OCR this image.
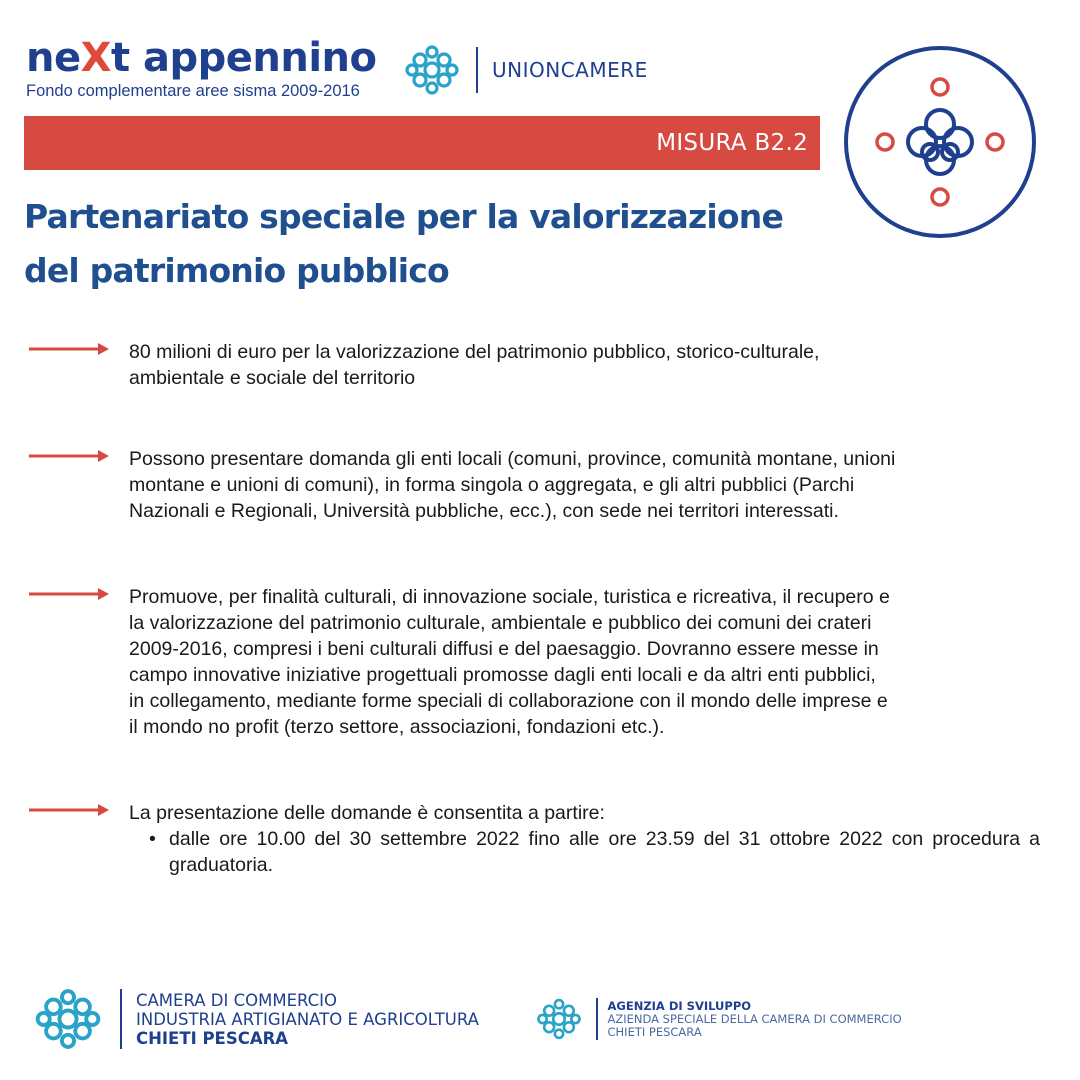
neXt appennino
Fondo complementare aree sisma 2009-2016
UNIONCAMERE
MISURA B2.2
Partenariato speciale per la valorizzazione
del patrimonio pubblico

80 milioni di euro per la valorizzazione del patrimonio pubblico, storico-culturale,

ambientale e sociale del territorio

Possono presentare domanda gli enti locali (comuni, province, comunità montane, unioni

montane e unioni di comuni), in forma singola o aggregata, e gli altri pubblici (Parchi

Nazionali e Regionali, Università pubbliche, ecc.), con sede nei territori interessati.

Promuove, per finalità culturali, di innovazione sociale, turistica e ricreativa, il recupero e

la valorizzazione del patrimonio culturale, ambientale e pubblico dei comuni dei crateri

2009-2016, compresi i beni culturali diffusi e del paesaggio. Dovranno essere messe in

campo innovative iniziative progettuali promosse dagli enti locali e da altri enti pubblici,

in collegamento, mediante forme speciali di collaborazione con il mondo delle imprese e

il mondo no profit (terzo settore, associazioni, fondazioni etc.).

La presentazione delle domande è consentita a partire:

• dalle ore 10.00 del 30 settembre 2022 fino alle ore 23.59 del 31 ottobre 2022 con procedura a graduatoria.
CAMERA DI COMMERCIO
INDUSTRIA ARTIGIANATO E AGRICOLTURA
CHIETI PESCARA
AGENZIA DI SVILUPPO
AZIENDA SPECIALE DELLA CAMERA DI COMMERCIO
CHIETI PESCARA
